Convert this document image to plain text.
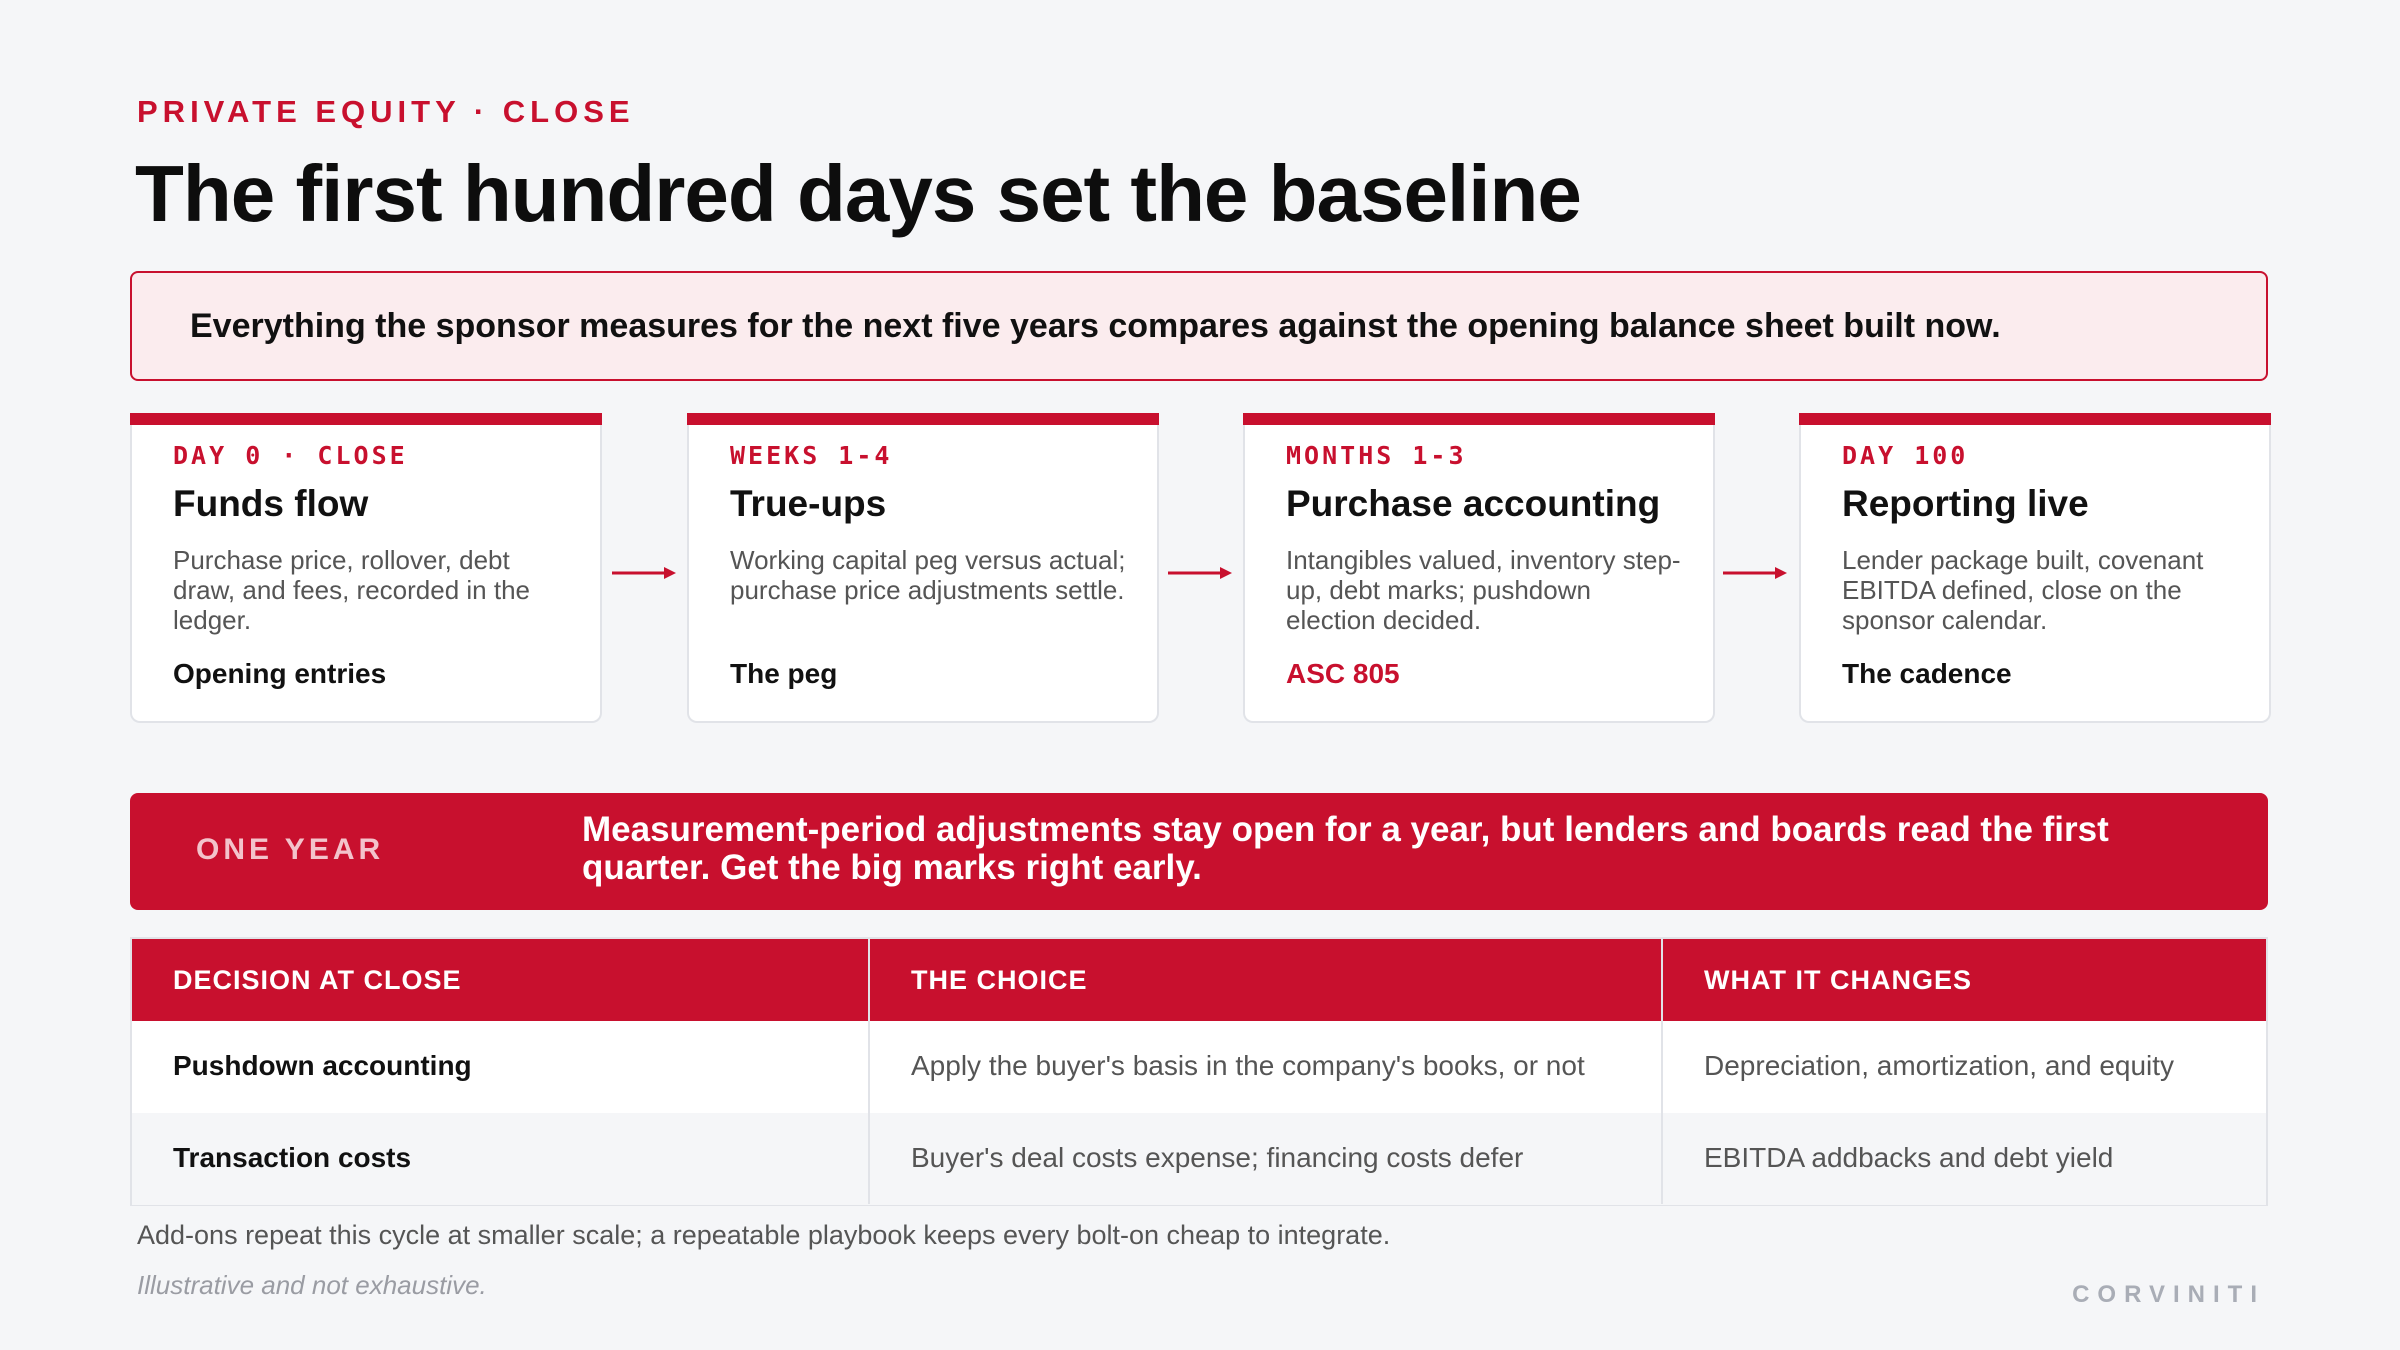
PRIVATE EQUITY · CLOSE
The first hundred days set the baseline
Everything the sponsor measures for the next five years compares against the opening balance sheet built now.
DAY 0 · CLOSE
Funds flow
Purchase price, rollover, debt draw, and fees, recorded in the ledger.
Opening entries
WEEKS 1-4
True-ups
Working capital peg versus actual; purchase price adjustments settle.
The peg
MONTHS 1-3
Purchase accounting
Intangibles valued, inventory step-up, debt marks; pushdown election decided.
ASC 805
DAY 100
Reporting live
Lender package built, covenant EBITDA defined, close on the sponsor calendar.
The cadence
ONE YEAR
Measurement-period adjustments stay open for a year, but lenders and boards read the first quarter. Get the big marks right early.
DECISION AT CLOSE	THE CHOICE	WHAT IT CHANGES
Pushdown accounting	Apply the buyer's basis in the company's books, or not	Depreciation, amortization, and equity
Transaction costs	Buyer's deal costs expense; financing costs defer	EBITDA addbacks and debt yield
Add-ons repeat this cycle at smaller scale; a repeatable playbook keeps every bolt-on cheap to integrate.
Illustrative and not exhaustive.	CORVINITI
